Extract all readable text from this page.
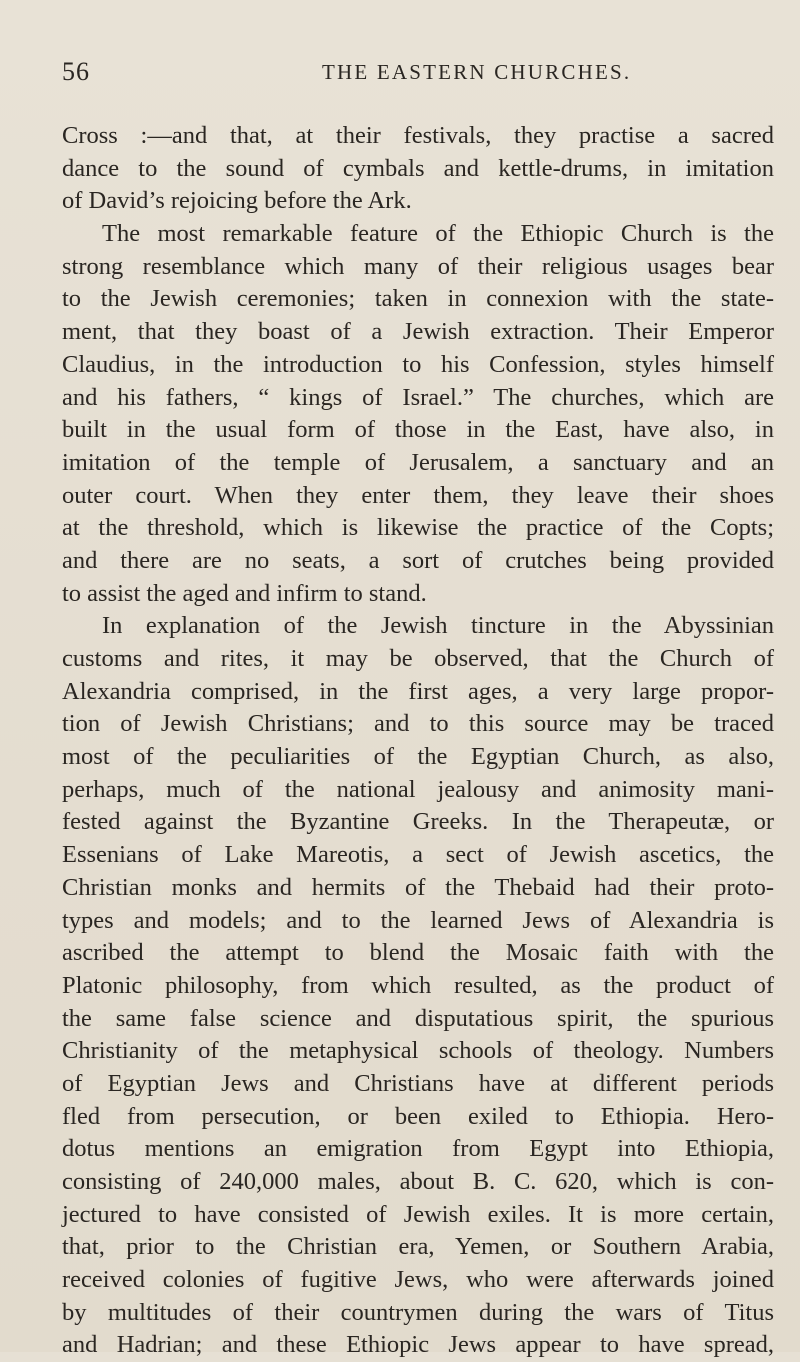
56	THE EASTERN CHURCHES.
Cross :—and that, at their festivals, they practise a sacred
dance to the sound of cymbals and kettle-drums, in imitation
of David’s rejoicing before the Ark.
The most remarkable feature of the Ethiopic Church is the
strong resemblance which many of their religious usages bear
to the Jewish ceremonies; taken in connexion with the state-
ment, that they boast of a Jewish extraction. Their Emperor
Claudius, in the introduction to his Confession, styles himself
and his fathers, “ kings of Israel.” The churches, which are
built in the usual form of those in the East, have also, in
imitation of the temple of Jerusalem, a sanctuary and an
outer court. When they enter them, they leave their shoes
at the threshold, which is likewise the practice of the Copts;
and there are no seats, a sort of crutches being provided
to assist the aged and infirm to stand.
In explanation of the Jewish tincture in the Abyssinian
customs and rites, it may be observed, that the Church of
Alexandria comprised, in the first ages, a very large propor-
tion of Jewish Christians; and to this source may be traced
most of the peculiarities of the Egyptian Church, as also,
perhaps, much of the national jealousy and animosity mani-
fested against the Byzantine Greeks. In the Therapeutæ, or
Essenians of Lake Mareotis, a sect of Jewish ascetics, the
Christian monks and hermits of the Thebaid had their proto-
types and models; and to the learned Jews of Alexandria is
ascribed the attempt to blend the Mosaic faith with the
Platonic philosophy, from which resulted, as the product of
the same false science and disputatious spirit, the spurious
Christianity of the metaphysical schools of theology. Numbers
of Egyptian Jews and Christians have at different periods
fled from persecution, or been exiled to Ethiopia. Hero-
dotus mentions an emigration from Egypt into Ethiopia,
consisting of 240,000 males, about B. C. 620, which is con-
jectured to have consisted of Jewish exiles. It is more certain,
that, prior to the Christian era, Yemen, or Southern Arabia,
received colonies of fugitive Jews, who were afterwards joined
by multitudes of their countrymen during the wars of Titus
and Hadrian; and these Ethiopic Jews appear to have spread,
